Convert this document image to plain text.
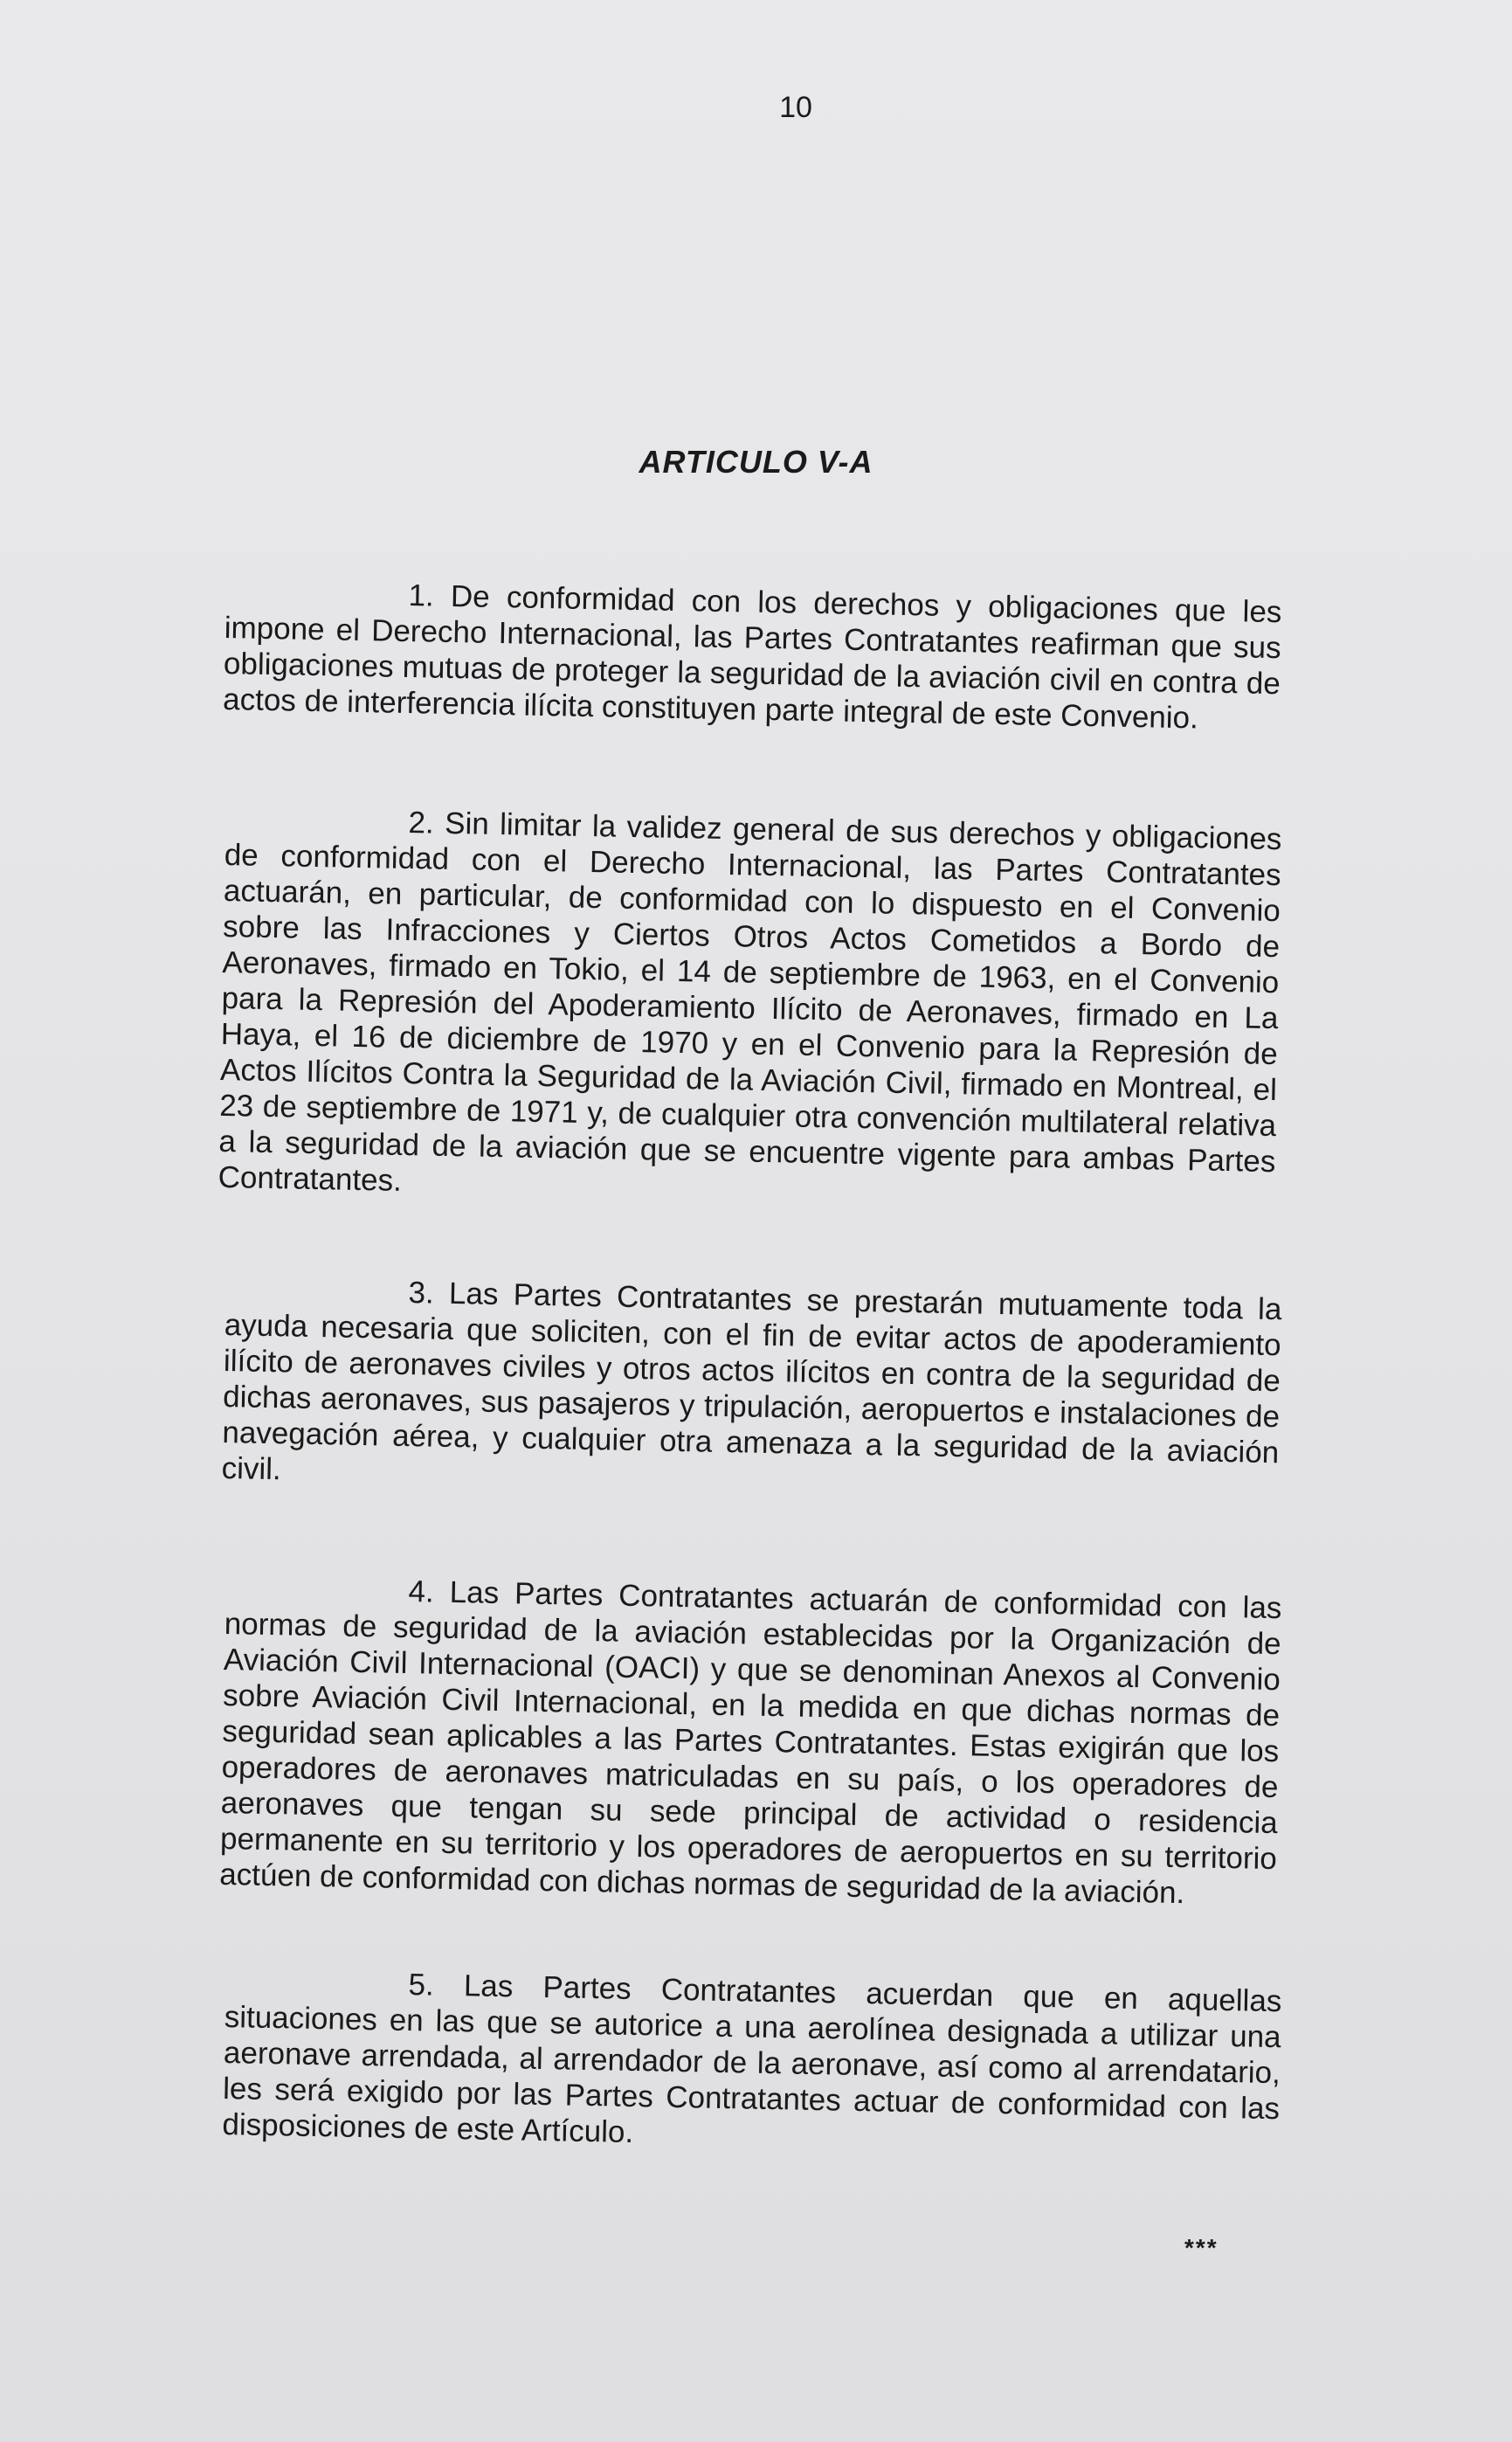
10
ARTICULO V-A

1. De conformidad con los derechos y obligaciones que les impone el Derecho Internacional, las Partes Contratantes reafirman que sus obligaciones mutuas de proteger la seguridad de la aviación civil en contra de actos de interferencia ilícita constituyen parte integral de este Convenio.

2. Sin limitar la validez general de sus derechos y obligaciones de conformidad con el Derecho Internacional, las Partes Contratantes actuarán, en particular, de conformidad con lo dispuesto en el Convenio sobre las Infracciones y Ciertos Otros Actos Cometidos a Bordo de Aeronaves, firmado en Tokio, el 14 de septiembre de 1963, en el Convenio para la Represión del Apoderamiento Ilícito de Aeronaves, firmado en La Haya, el 16 de diciembre de 1970 y en el Convenio para la Represión de Actos Ilícitos Contra la Seguridad de la Aviación Civil, firmado en Montreal, el 23 de septiembre de 1971 y, de cualquier otra convención multilateral relativa a la seguridad de la aviación que se encuentre vigente para ambas Partes Contratantes.

3. Las Partes Contratantes se prestarán mutuamente toda la ayuda necesaria que soliciten, con el fin de evitar actos de apoderamiento ilícito de aeronaves civiles y otros actos ilícitos en contra de la seguridad de dichas aeronaves, sus pasajeros y tripulación, aeropuertos e instalaciones de navegación aérea, y cualquier otra amenaza a la seguridad de la aviación civil.

4. Las Partes Contratantes actuarán de conformidad con las normas de seguridad de la aviación establecidas por la Organización de Aviación Civil Internacional (OACI) y que se denominan Anexos al Convenio sobre Aviación Civil Internacional, en la medida en que dichas normas de seguridad sean aplicables a las Partes Contratantes. Estas exigirán que los operadores de aeronaves matriculadas en su país, o los operadores de aeronaves que tengan su sede principal de actividad o residencia permanente en su territorio y los operadores de aeropuertos en su territorio actúen de conformidad con dichas normas de seguridad de la aviación.

5. Las Partes Contratantes acuerdan que en aquellas situaciones en las que se autorice a una aerolínea designada a utilizar una aeronave arrendada, al arrendador de la aeronave, así como al arrendatario, les será exigido por las Partes Contratantes actuar de conformidad con las disposiciones de este Artículo.

***
